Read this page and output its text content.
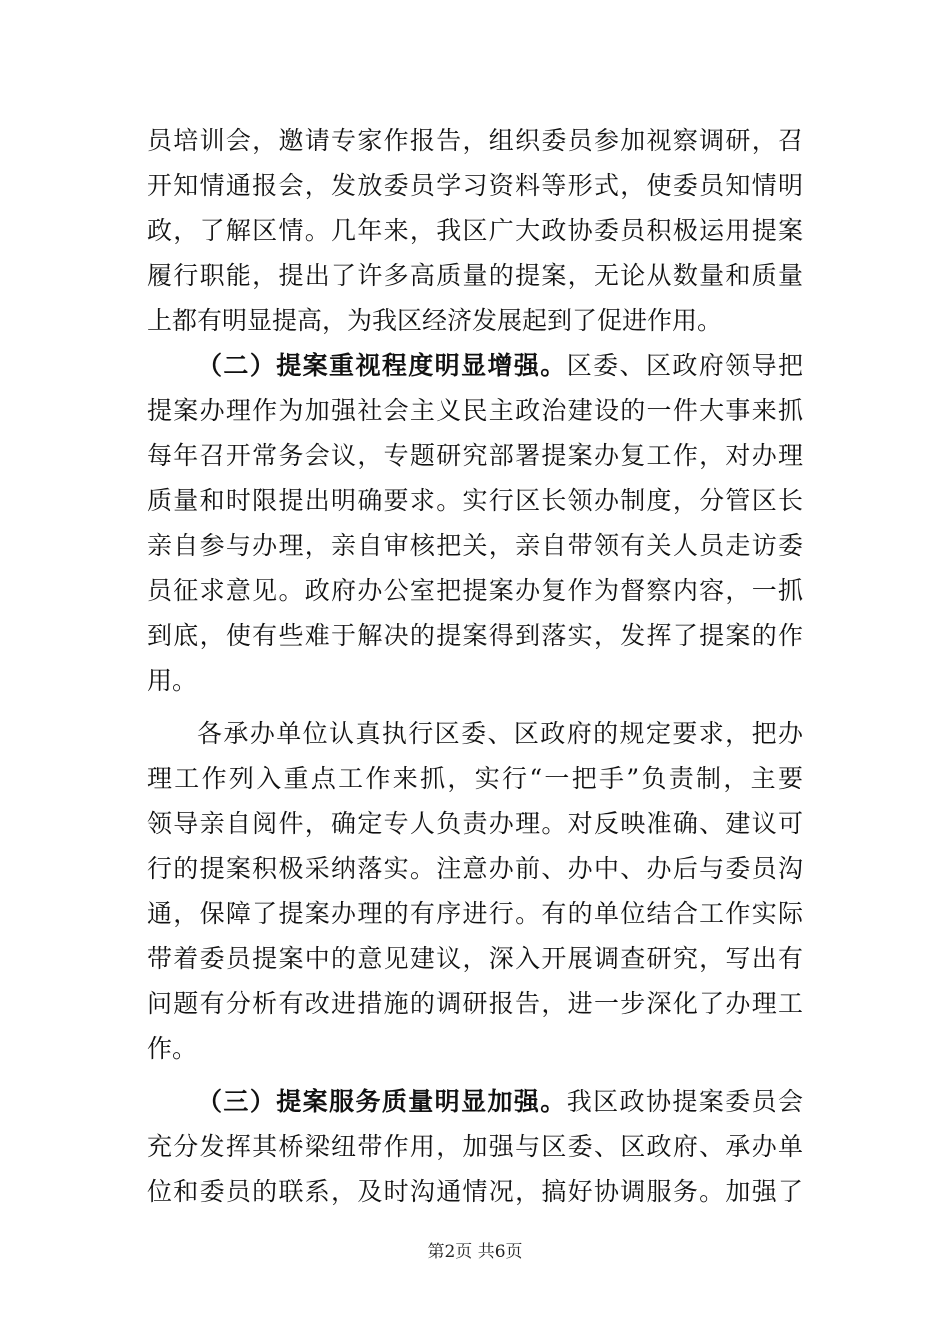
员培训会，邀请专家作报告，组织委员参加视察调研，召
开知情通报会，发放委员学习资料等形式，使委员知情明
政，了解区情。几年来，我区广大政协委员积极运用提案
履行职能，提出了许多高质量的提案，无论从数量和质量
上都有明显提高，为我区经济发展起到了促进作用。
（二）提案重视程度明显增强。区委、区政府领导把
提案办理作为加强社会主义民主政治建设的一件大事来抓
每年召开常务会议，专题研究部署提案办复工作，对办理
质量和时限提出明确要求。实行区长领办制度，分管区长
亲自参与办理，亲自审核把关，亲自带领有关人员走访委
员征求意见。政府办公室把提案办复作为督察内容，一抓
到底，使有些难于解决的提案得到落实，发挥了提案的作
用。
各承办单位认真执行区委、区政府的规定要求，把办
理工作列入重点工作来抓，实行“一把手”负责制，主要
领导亲自阅件，确定专人负责办理。对反映准确、建议可
行的提案积极采纳落实。注意办前、办中、办后与委员沟
通，保障了提案办理的有序进行。有的单位结合工作实际
带着委员提案中的意见建议，深入开展调查研究，写出有
问题有分析有改进措施的调研报告，进一步深化了办理工
作。
（三）提案服务质量明显加强。我区政协提案委员会
充分发挥其桥梁纽带作用，加强与区委、区政府、承办单
位和委员的联系，及时沟通情况，搞好协调服务。加强了
第2页 共6页
